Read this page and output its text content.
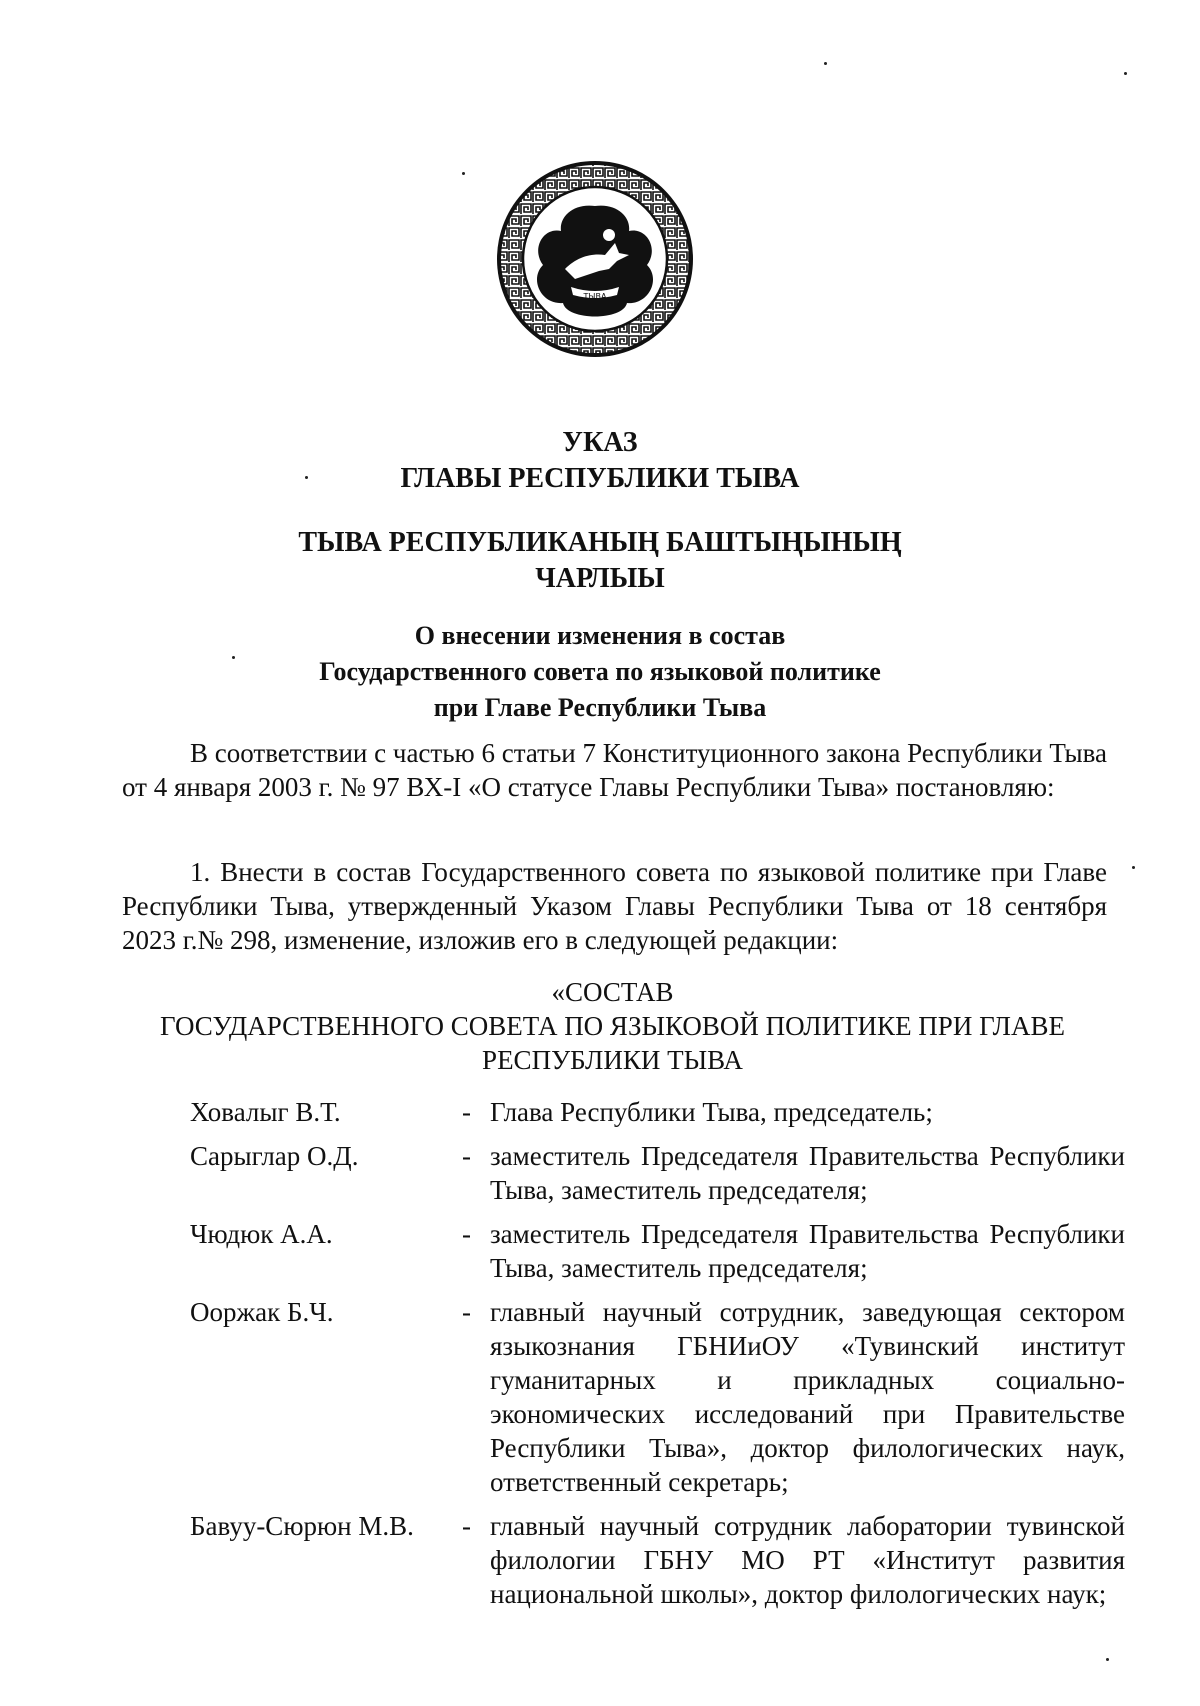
ТЫВА
УКАЗ
ГЛАВЫ РЕСПУБЛИКИ ТЫВА
ТЫВА РЕСПУБЛИКАНЫҢ БАШТЫҢЫНЫҢ
ЧАРЛЫЫ
О внесении изменения в состав
Государственного совета по языковой политике
при Главе Республики Тыва
В соответствии с частью 6 статьи 7 Конституционного закона Республики Тыва от 4 января 2003 г. № 97 ВХ-I «О статусе Главы Республики Тыва» постановляю:
1. Внести в состав Государственного совета по языковой политике при Главе Республики Тыва, утвержденный Указом Главы Республики Тыва от 18 сентября 2023 г.№ 298, изменение, изложив его в следующей редакции:
«СОСТАВ
ГОСУДАРСТВЕННОГО СОВЕТА ПО ЯЗЫКОВОЙ ПОЛИТИКЕ ПРИ ГЛАВЕ
РЕСПУБЛИКИ ТЫВА
Ховалыг В.Т.	- Глава Республики Тыва, председатель;
Сарыглар О.Д.	- заместитель Председателя Правительства Республики Тыва, заместитель председателя;
Чюдюк А.А.	- заместитель Председателя Правительства Республики Тыва, заместитель председателя;
Ооржак Б.Ч.	- главный научный сотрудник, заведующая сектором языкознания ГБНИиОУ «Тувинский институт гуманитарных и прикладных социально-экономических исследований при Правительстве Республики Тыва», доктор филологических наук, ответственный секретарь;
Бавуу-Сюрюн М.В.	- главный научный сотрудник лаборатории тувинской филологии ГБНУ МО РТ «Институт развития национальной школы», доктор филологических наук;
